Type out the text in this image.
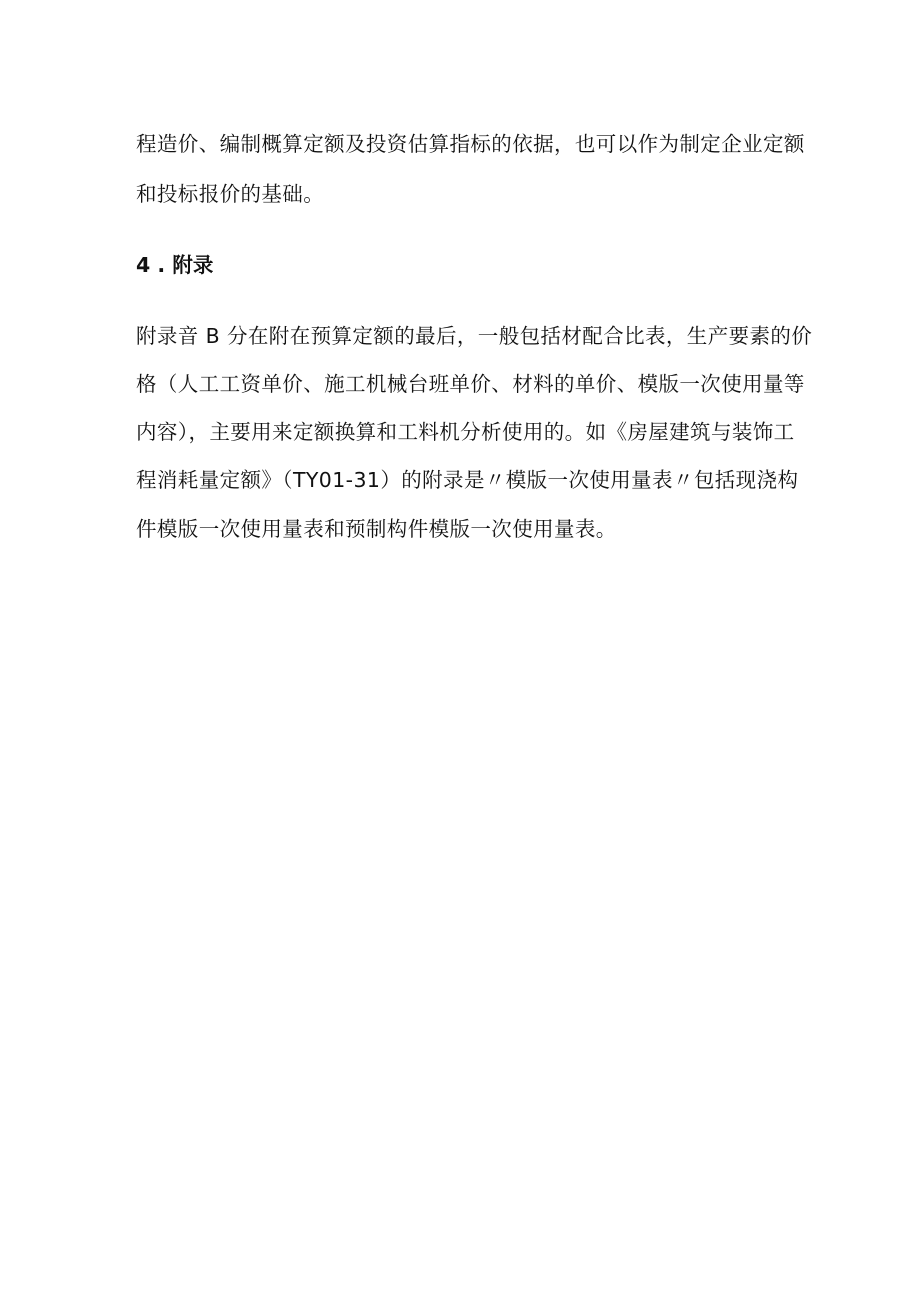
程造价、编制概算定额及投资估算指标的依据，也可以作为制定企业定额
和投标报价的基础。
4 . 附录
附录音 B 分在附在预算定额的最后，一般包括材配合比表，生产要素的价
格（人工工资单价、施工机械台班单价、材料的单价、模版一次使用量等
内容），主要用来定额换算和工料机分析使用的。如《房屋建筑与装饰工
程消耗量定额》（TY01-31）的附录是〃模版一次使用量表〃包括现浇构
件模版一次使用量表和预制构件模版一次使用量表。
